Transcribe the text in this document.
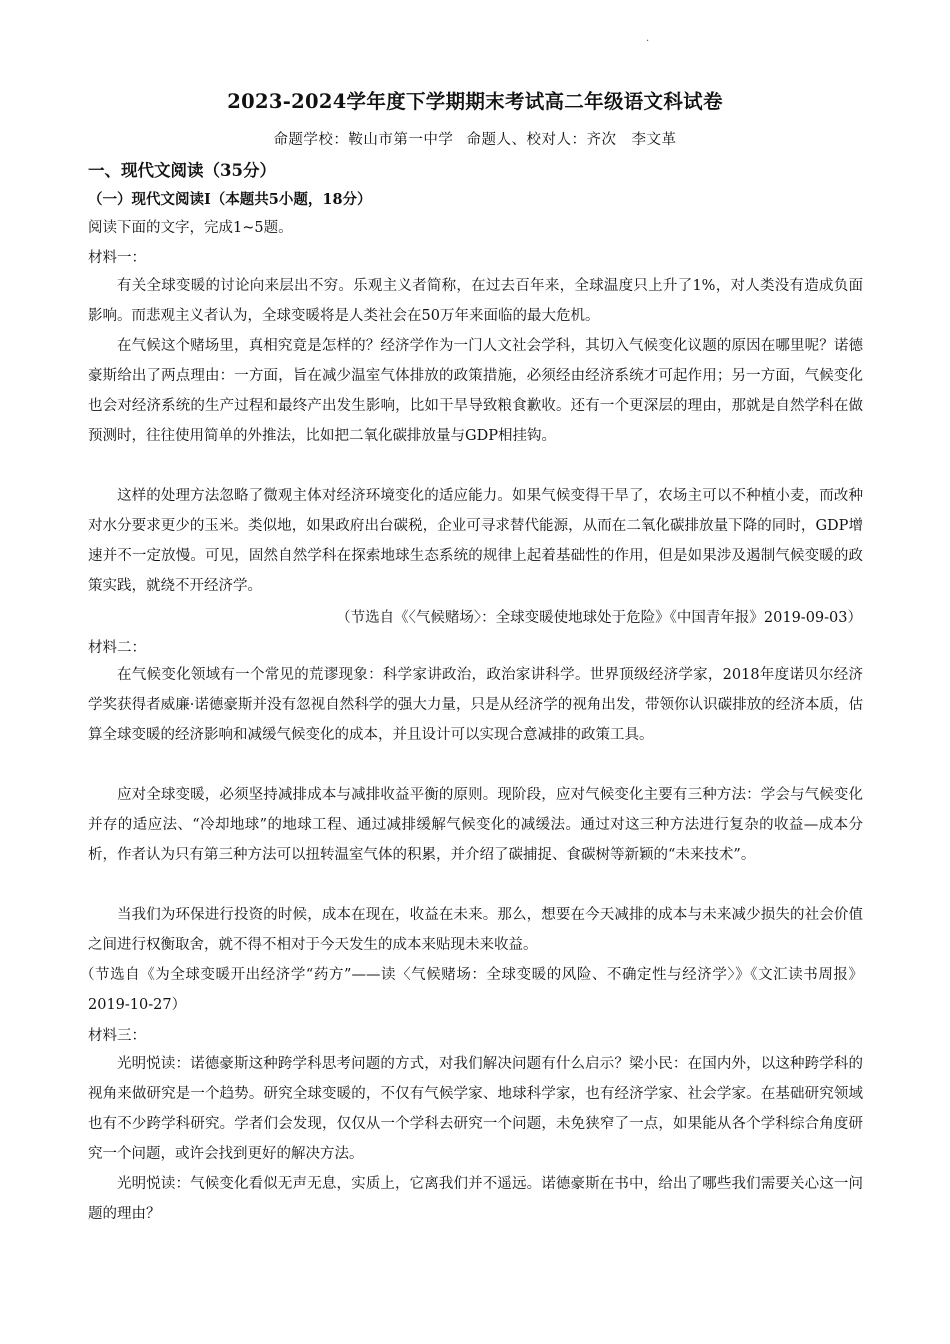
·
2023-2024学年度下学期期末考试高二年级语文科试卷
命题学校：鞍山市第一中学 命题人、校对人：齐次　李文革
一、现代文阅读（35分）
（一）现代文阅读I（本题共5小题，18分）
阅读下面的文字，完成1~5题。
材料一：
有关全球变暖的讨论向来层出不穷。乐观主义者简称，在过去百年来，全球温度只上升了1%，对人类没有造成负面影响。而悲观主义者认为，全球变暖将是人类社会在50万年来面临的最大危机。
在气候这个赌场里，真相究竟是怎样的？经济学作为一门人文社会学科，其切入气候变化议题的原因在哪里呢？诺德豪斯给出了两点理由：一方面，旨在减少温室气体排放的政策措施，必须经由经济系统才可起作用；另一方面，气候变化也会对经济系统的生产过程和最终产出发生影响，比如干旱导致粮食歉收。还有一个更深层的理由，那就是自然学科在做预测时，往往使用简单的外推法，比如把二氧化碳排放量与GDP相挂钩。
这样的处理方法忽略了微观主体对经济环境变化的适应能力。如果气候变得干旱了，农场主可以不种植小麦，而改种对水分要求更少的玉米。类似地，如果政府出台碳税，企业可寻求替代能源，从而在二氧化碳排放量下降的同时，GDP增速并不一定放慢。可见，固然自然学科在探索地球生态系统的规律上起着基础性的作用，但是如果涉及遏制气候变暖的政策实践，就绕不开经济学。
（节选自《〈气候赌场〉：全球变暖使地球处于危险》《中国青年报》2019-09-03）
材料二：
在气候变化领域有一个常见的荒谬现象：科学家讲政治，政治家讲科学。世界顶级经济学家，2018年度诺贝尔经济学奖获得者威廉·诺德豪斯并没有忽视自然科学的强大力量，只是从经济学的视角出发，带领你认识碳排放的经济本质，估算全球变暖的经济影响和减缓气候变化的成本，并且设计可以实现合意减排的政策工具。
应对全球变暖，必须坚持减排成本与减排收益平衡的原则。现阶段，应对气候变化主要有三种方法：学会与气候变化并存的适应法、“冷却地球”的地球工程、通过减排缓解气候变化的减缓法。通过对这三种方法进行复杂的收益—成本分析，作者认为只有第三种方法可以扭转温室气体的积累，并介绍了碳捕捉、食碳树等新颖的“未来技术”。
当我们为环保进行投资的时候，成本在现在，收益在未来。那么，想要在今天减排的成本与未来减少损失的社会价值之间进行权衡取舍，就不得不相对于今天发生的成本来贴现未来收益。
（节选自《为全球变暖开出经济学“药方”——读〈气候赌场：全球变暖的风险、不确定性与经济学〉》《文汇读书周报》2019-10-27）
材料三：
光明悦读：诺德豪斯这种跨学科思考问题的方式，对我们解决问题有什么启示？梁小民：在国内外，以这种跨学科的视角来做研究是一个趋势。研究全球变暖的，不仅有气候学家、地球科学家，也有经济学家、社会学家。在基础研究领域也有不少跨学科研究。学者们会发现，仅仅从一个学科去研究一个问题，未免狭窄了一点，如果能从各个学科综合角度研究一个问题，或许会找到更好的解决方法。
光明悦读：气候变化看似无声无息，实质上，它离我们并不遥远。诺德豪斯在书中，给出了哪些我们需要关心这一问题的理由？
